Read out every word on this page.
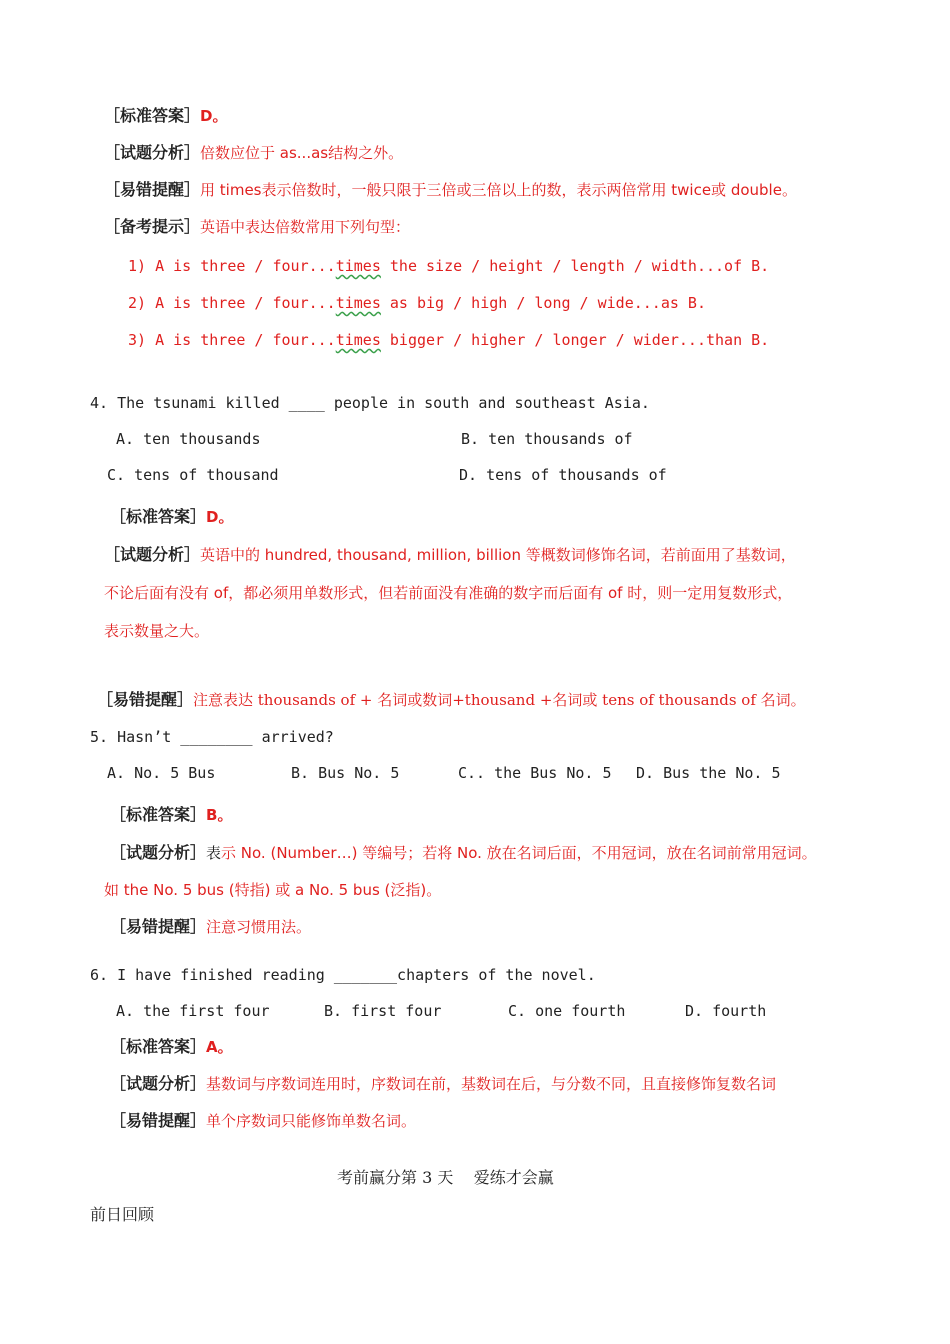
［标准答案］D。
［试题分析］倍数应位于 as...as结构之外。
［易错提醒］用 times表示倍数时，一般只限于三倍或三倍以上的数，表示两倍常用 twice或 double。
［备考提示］英语中表达倍数常用下列句型：
1) A is three / four...times the size / height / length / width...of B.
2) A is three / four...times as big / high / long / wide...as B.
3) A is three / four...times bigger / higher / longer / wider...than B.
4. The tsunami killed ____ people in south and southeast Asia.
A. ten thousands	B. ten thousands of
C. tens of thousand	D. tens of thousands of
［标准答案］D。
［试题分析］英语中的 hundred, thousand, million, billion 等概数词修饰名词，若前面用了基数词，
不论后面有没有 of，都必须用单数形式，但若前面没有准确的数字而后面有 of 时，则一定用复数形式，
表示数量之大。
［易错提醒］注意表达 thousands of + 名词或数词+thousand +名词或 tens of thousands of 名词。
5. Hasn’t ________ arrived?
A. No. 5 Bus	B. Bus No. 5	C.. the Bus No. 5 D. Bus the No. 5
［标准答案］B。
［试题分析］表示 No. (Number…) 等编号；若将 No. 放在名词后面，不用冠词，放在名词前常用冠词。
如 the No. 5 bus (特指) 或 a No. 5 bus (泛指)。
［易错提醒］注意习惯用法。
6. I have finished reading _______chapters of the novel.
A. the first four	B. first four	C. one fourth	D. fourth
［标准答案］A。
［试题分析］基数词与序数词连用时，序数词在前，基数词在后，与分数不同，且直接修饰复数名词
［易错提醒］单个序数词只能修饰单数名词。
考前赢分第 3 天    爱练才会赢
前日回顾
